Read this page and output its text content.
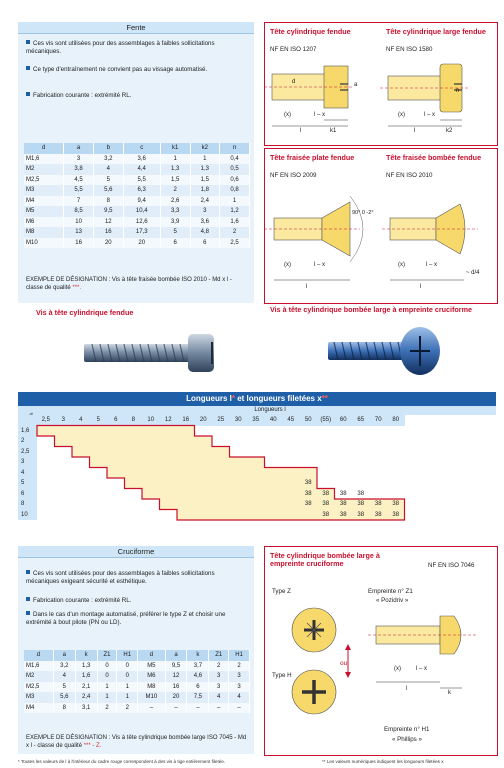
Fente
Ces vis sont utilisées pour des assemblages à faibles sollicitations mécaniques.
Ce type d'entraînement ne convient pas au vissage automatisé.
Fabrication courante : extrémité RL.
d	a	b	c	k1	k2	n
M1,6	3	3,2	3,6	1	1	0,4
M2	3,8	4	4,4	1,3	1,3	0,5
M2,5	4,5	5	5,5	1,5	1,5	0,6
M3	5,5	5,6	6,3	2	1,8	0,8
M4	7	8	9,4	2,6	2,4	1
M5	8,5	9,5	10,4	3,3	3	1,2
M6	10	12	12,6	3,9	3,6	1,6
M8	13	16	17,3	5	4,8	2
M10	16	20	20	6	6	2,5
EXEMPLE DE DÉSIGNATION : Vis à tête fraisée bombée ISO 2010 - Md x l - classe de qualité ***.
Tête cylindrique fendue
NF EN ISO 1207
Tête cylindrique large fendue
NF EN ISO 1580
d	a
(x)	l – x
l	k1
n
(x)	l – x
l	k2
Tête fraisée plate fendue
NF EN ISO 2009
Tête fraisée bombée fendue
NF EN ISO 2010
90° 0 -2°
(x)	l – x
l
(x)	l – x
l
~ d/4
Vis à tête cylindrique fendue	Vis à tête cylindrique bombée large à empreinte cruciforme
Longueurs l* et longueurs filetées x**
Longueurs l
	2,5	3	4	5	6	8	10	12	16	20	25	30	35	40	45	50	(55)	60	65	70	80
1,6																					
2																					
2,5																					
3																					
4																					
5																38					
6																38	38	38	38		
8																38	38	38	38	38	38
10																	38	38	38	38	38
Cruciforme
Ces vis sont utilisées pour des assemblages à faibles sollicitations mécaniques exigeant sécurité et esthétique.
Fabrication courante : extrémité RL.
Dans le cas d'un montage automatisé, préférer le type Z et choisir une extrémité à bout pilote (PN ou LD).
d	a	k	Z1	H1	d	a	k	Z1	H1
M1,6	3,2	1,3	0	0	M5	9,5	3,7	2	2
M2	4	1,6	0	0	M6	12	4,6	3	3
M2,5	5	2,1	1	1	M8	16	6	3	3
M3	5,6	2,4	1	1	M10	20	7,5	4	4
M4	8	3,1	2	2	–	–	–	–	–
EXEMPLE DE DÉSIGNATION : Vis à tête cylindrique bombée large ISO 7045 - Md x l - classe de qualité *** - Z.
Tête cylindrique bombée large à empreinte cruciforme	NF EN ISO 7046
Type Z
Type H
Empreinte n° Z1
« Pozidriv »
Empreinte n° H1
« Phillips »
ou
(x)	l – x
l
k
* Toutes les valeurs de l à l'intérieur du cadre rouge correspondent à des vis à tige entièrement filetée.	** Les valeurs numériques indiquent les longueurs filetées x
